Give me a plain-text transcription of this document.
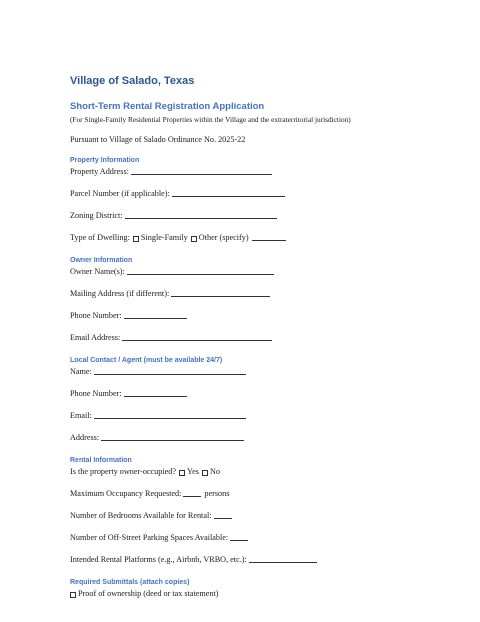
Village of Salado, Texas
Short-Term Rental Registration Application
(For Single-Family Residential Properties within the Village and the extraterritorial jurisdiction)
Pursuant to Village of Salado Ordinance No. 2025-22
Property Information
Property Address:
Parcel Number (if applicable):
Zoning District:
Type of Dwelling: Single-Family Other (specify)
Owner Information
Owner Name(s):
Mailing Address (if different):
Phone Number:
Email Address:
Local Contact / Agent (must be available 24/7)
Name:
Phone Number:
Email:
Address:
Rental Information
Is the property owner-occupied? Yes No
Maximum Occupancy Requested:	persons
Number of Bedrooms Available for Rental:
Number of Off-Street Parking Spaces Available:
Intended Rental Platforms (e.g., Airbnb, VRBO, etc.):
Required Submittals (attach copies)
Proof of ownership (deed or tax statement)
